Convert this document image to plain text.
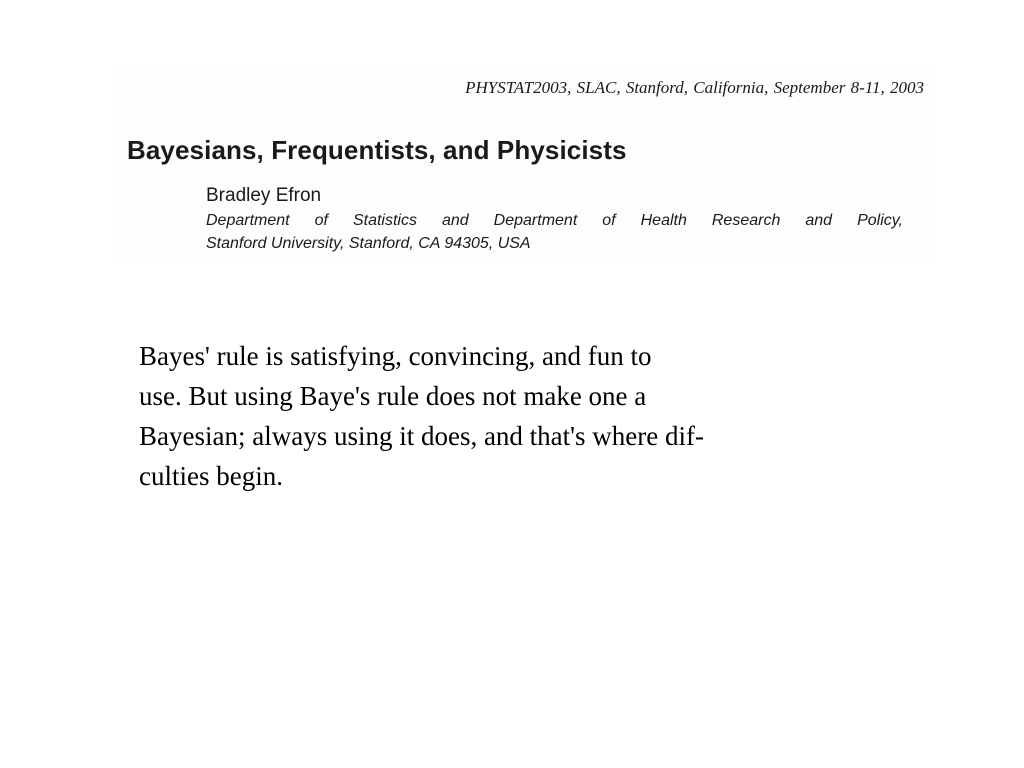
PHYSTAT2003, SLAC, Stanford, California, September 8-11, 2003
Bayesians, Frequentists, and Physicists
Bradley Efron
Department of Statistics and Department of Health Research and Policy,
Stanford University, Stanford, CA 94305, USA
Bayes' rule is satisfying, convincing, and fun to
use. But using Baye's rule does not make one a
Bayesian; always using it does, and that's where dif-
culties begin.
